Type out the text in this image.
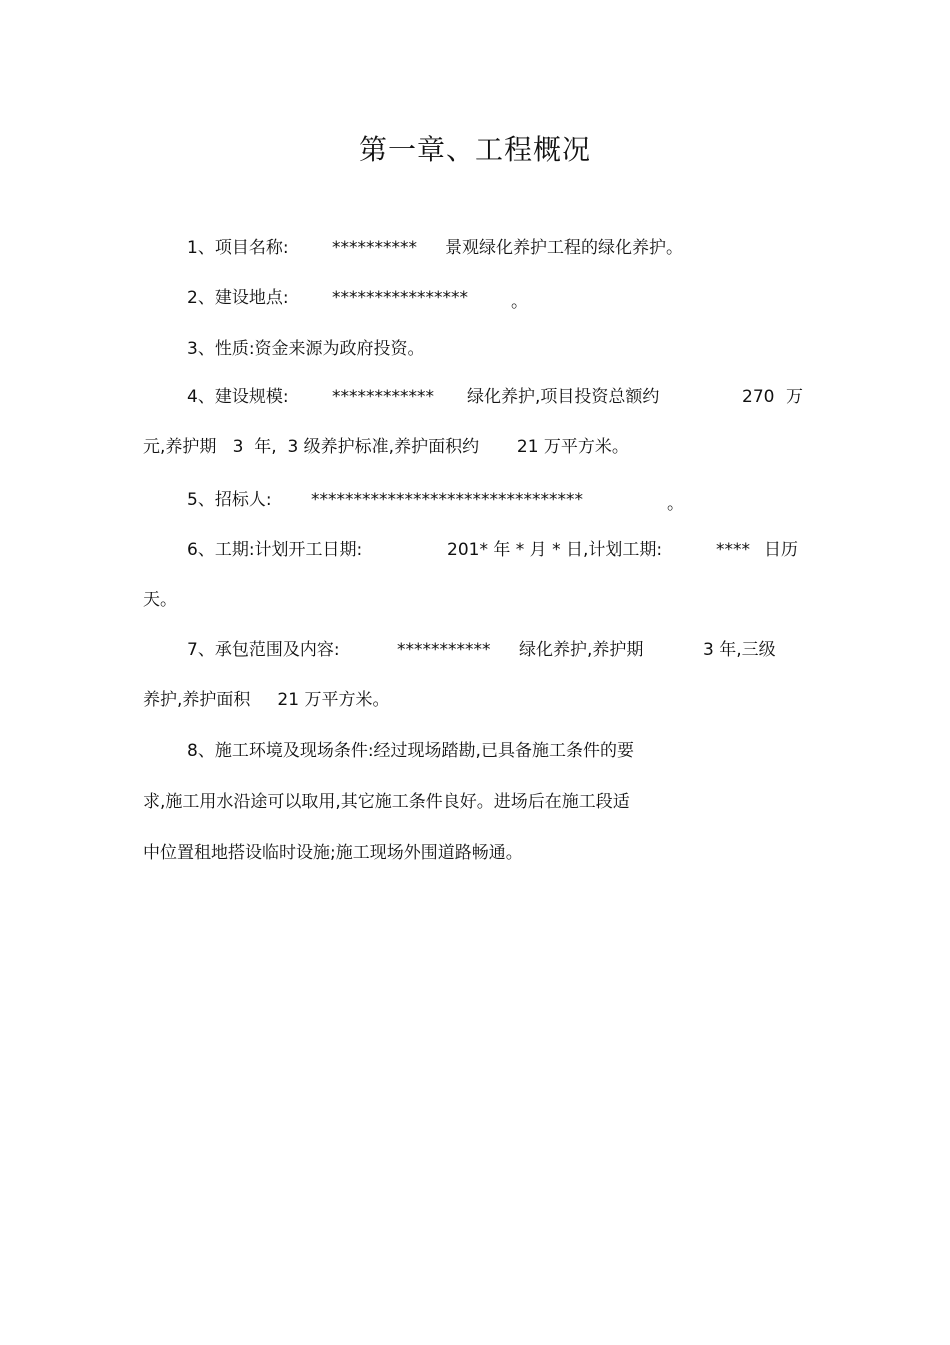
第一章、工程概况
1、项目名称:	********** 景观绿化养护工程的绿化养护。
2、建设地点:	****************	。
3、性质:资金来源为政府投资。
4、建设规模:	************ 绿化养护,项目投资总额约	270 万
元,养护期   3  年,  3 级养护标准,养护面积约       21 万平方米。
5、招标人: ********************************	。
6、工期:计划开工日期:	201* 年 * 月 * 日,计划工期:	**** 日历
天。
7、承包范围及内容:	*********** 绿化养护,养护期	3 年,三级
养护,养护面积     21 万平方米。
8、施工环境及现场条件:经过现场踏勘,已具备施工条件的要
求,施工用水沿途可以取用,其它施工条件良好。进场后在施工段适
中位置租地搭设临时设施;施工现场外围道路畅通。
